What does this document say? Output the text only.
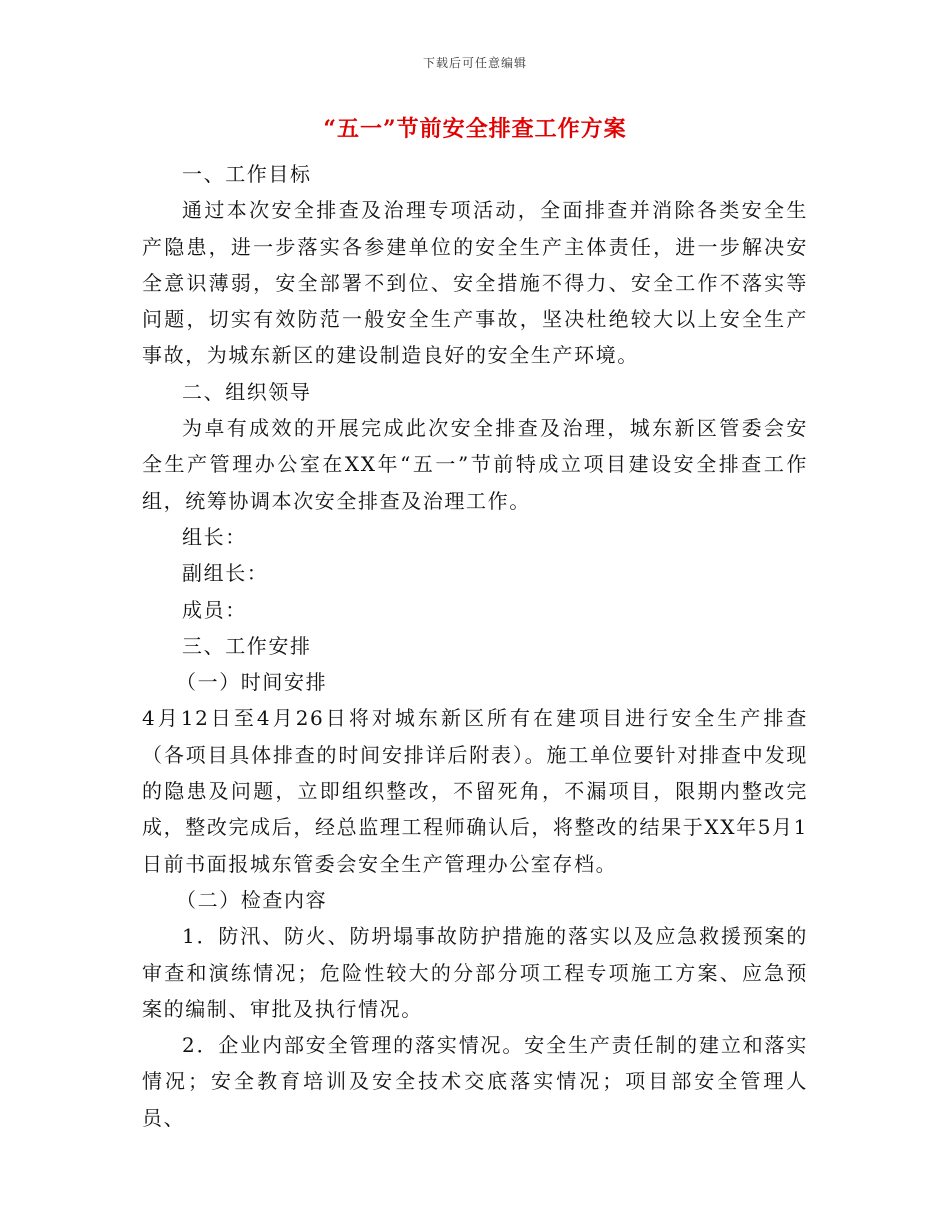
下载后可任意编辑
“五一”节前安全排查工作方案

一、工作目标

通过本次安全排查及治理专项活动，全面排查并消除各类安全生产隐患，进一步落实各参建单位的安全生产主体责任，进一步解决安全意识薄弱，安全部署不到位、安全措施不得力、安全工作不落实等问题，切实有效防范一般安全生产事故，坚决杜绝较大以上安全生产事故，为城东新区的建设制造良好的安全生产环境。

二、组织领导

为卓有成效的开展完成此次安全排查及治理，城东新区管委会安全生产管理办公室在XX年“五一”节前特成立项目建设安全排查工作组，统筹协调本次安全排查及治理工作。

组长：

副组长：

成员：

三、工作安排

（一）时间安排

4月12日至4月26日将对城东新区所有在建项目进行安全生产排查（各项目具体排查的时间安排详后附表）。施工单位要针对排查中发现的隐患及问题，立即组织整改，不留死角，不漏项目，限期内整改完成，整改完成后，经总监理工程师确认后，将整改的结果于XX年5月1日前书面报城东管委会安全生产管理办公室存档。

（二）检查内容

1．防汛、防火、防坍塌事故防护措施的落实以及应急救援预案的审查和演练情况；危险性较大的分部分项工程专项施工方案、应急预案的编制、审批及执行情况。

2．企业内部安全管理的落实情况。安全生产责任制的建立和落实情况；安全教育培训及安全技术交底落实情况；项目部安全管理人员、
